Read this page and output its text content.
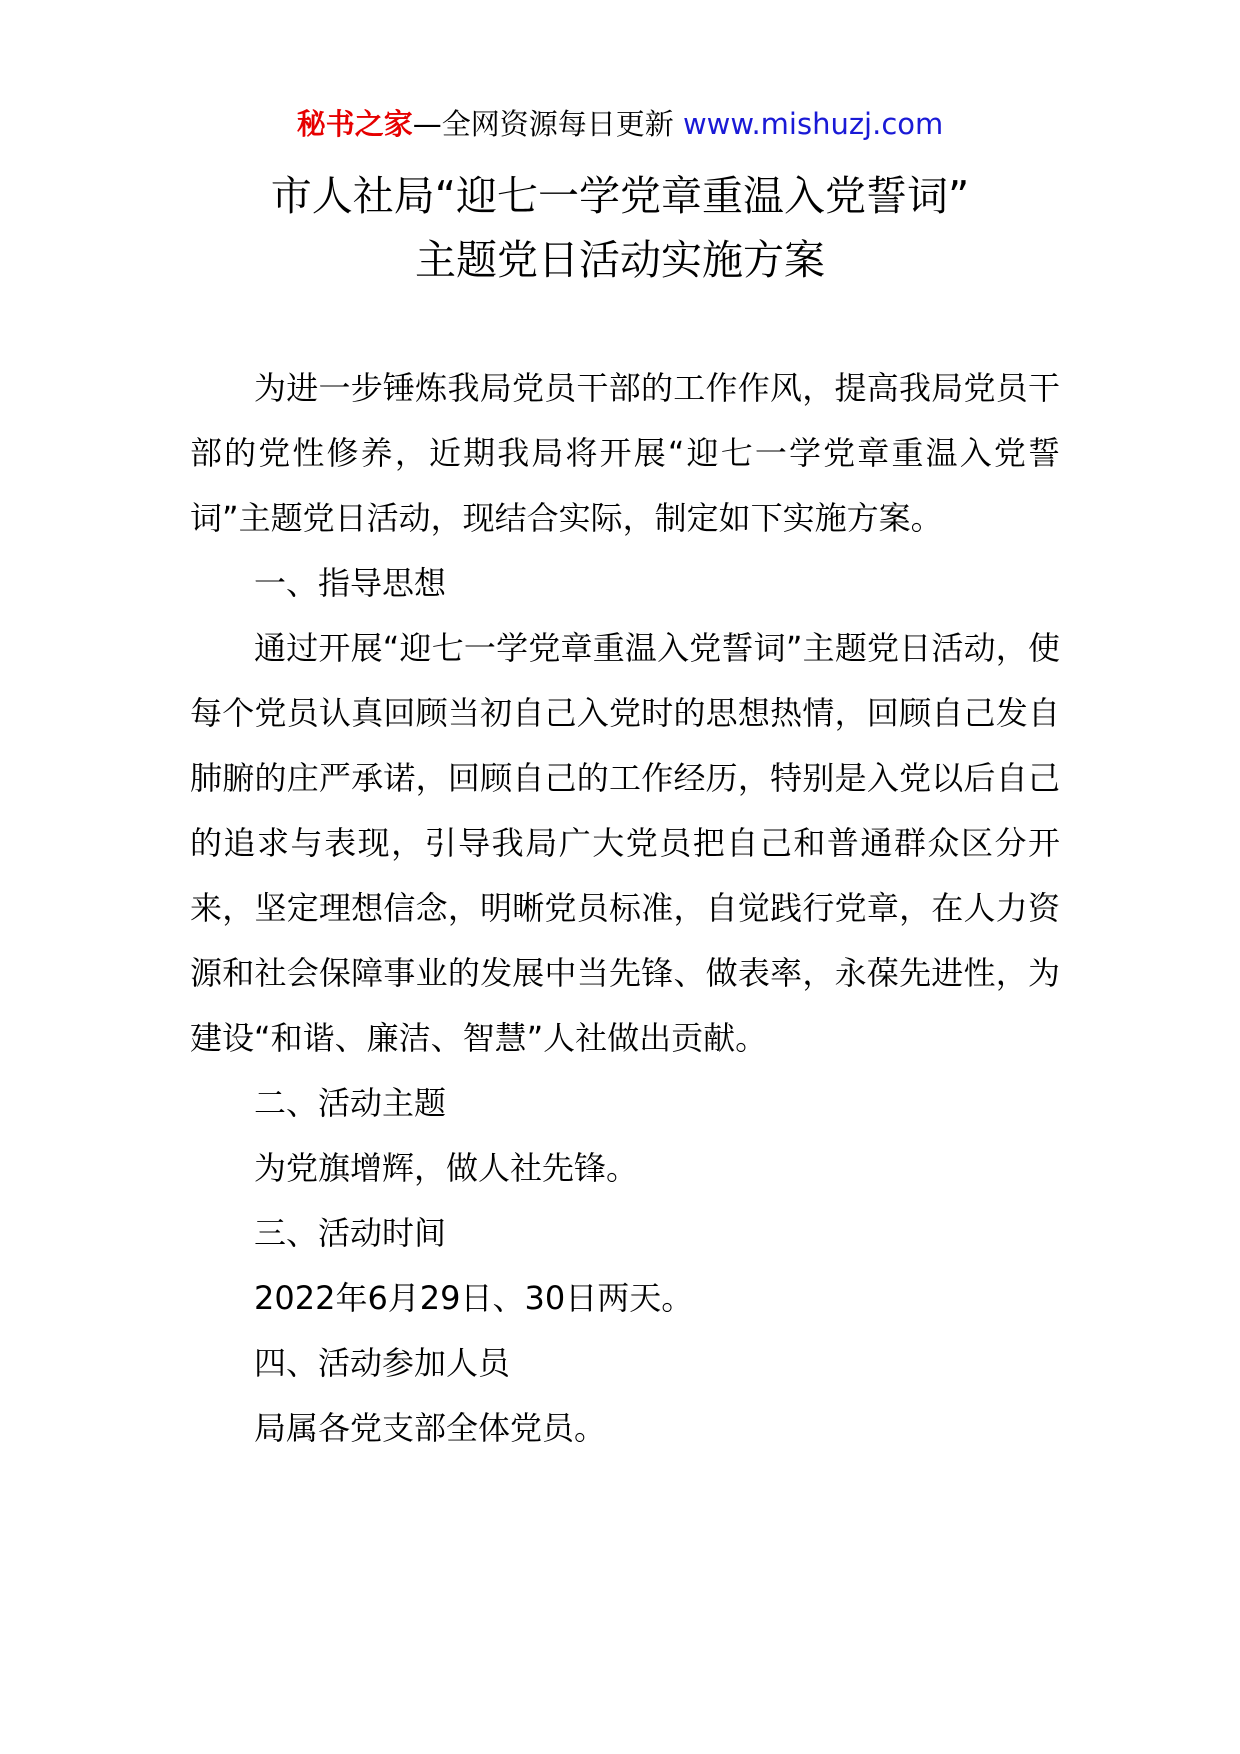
秘书之家—全网资源每日更新 www.mishuzj.com
市人社局“迎七一学党章重温入党誓词”
主题党日活动实施方案

为进一步锤炼我局党员干部的工作作风，提高我局党员干部的党性修养，近期我局将开展“迎七一学党章重温入党誓词”主题党日活动，现结合实际，制定如下实施方案。

一、指导思想

通过开展“迎七一学党章重温入党誓词”主题党日活动，使每个党员认真回顾当初自己入党时的思想热情，回顾自己发自肺腑的庄严承诺，回顾自己的工作经历，特别是入党以后自己的追求与表现，引导我局广大党员把自己和普通群众区分开来，坚定理想信念，明晰党员标准，自觉践行党章，在人力资源和社会保障事业的发展中当先锋、做表率，永葆先进性，为建设“和谐、廉洁、智慧”人社做出贡献。

二、活动主题

为党旗增辉，做人社先锋。

三、活动时间

2022年6月29日、30日两天。

四、活动参加人员

局属各党支部全体党员。
